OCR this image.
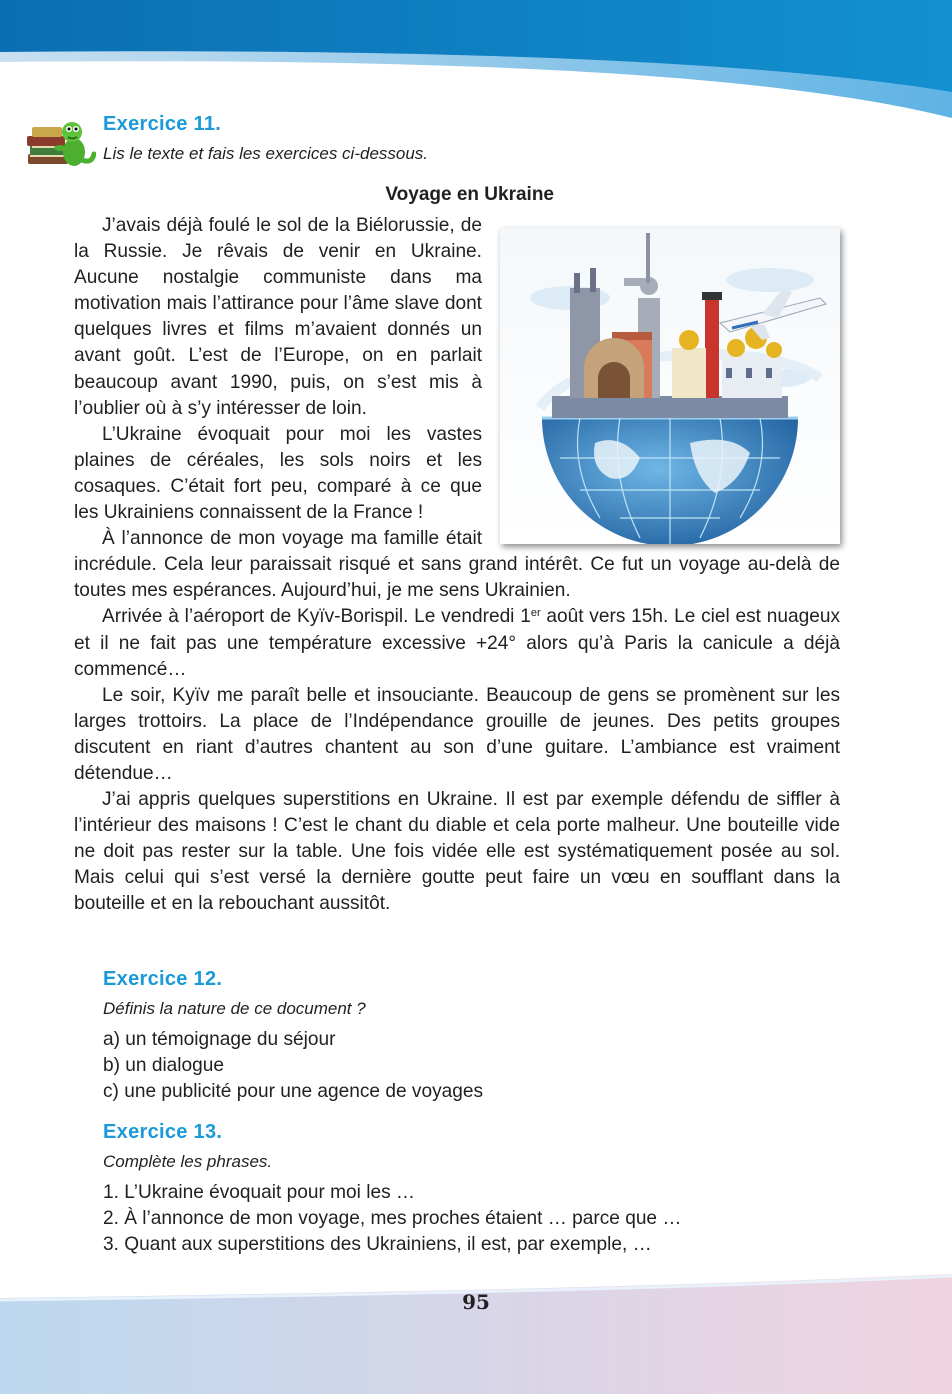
Exercice 11.

Lis le texte et fais les exercices ci-dessous.

Voyage en Ukraine

J’avais déjà foulé le sol de la Biélorussie, de la Russie. Je rêvais de venir en Ukraine. Aucune nostalgie communiste dans ma motivation mais l’attirance pour l’âme slave dont quelques livres et films m’avaient donnés un avant goût. L’est de l’Europe, on en parlait beaucoup avant 1990, puis, on s’est mis à l’oublier où à s’y intéresser de loin.

L’Ukraine évoquait pour moi les vastes plaines de céréales, les sols noirs et les cosaques. C’était fort peu, comparé à ce que les Ukrainiens connaissent de la France !

À l’annonce de mon voyage ma famille était incrédule. Cela leur paraissait risqué et sans grand intérêt. Ce fut un voyage au-delà de toutes mes espérances. Aujourd’hui, je me sens Ukrainien.

Arrivée à l’aéroport de Kyïv-Borispil. Le vendredi 1er août vers 15h. Le ciel est nuageux et il ne fait pas une température excessive +24° alors qu’à Paris la canicule a déjà commencé…

Le soir, Kyïv me paraît belle et insouciante. Beaucoup de gens se promènent sur les larges trottoirs. La place de l’Indépendance grouille de jeunes. Des petits groupes discutent en riant d’autres chantent au son d’une guitare. L’ambiance est vraiment détendue…

J’ai appris quelques superstitions en Ukraine. Il est par exemple défendu de siffler à l’intérieur des maisons ! C’est le chant du diable et cela porte malheur. Une bouteille vide ne doit pas rester sur la table. Une fois vidée elle est systématiquement posée au sol. Mais celui qui s’est versé la dernière goutte peut faire un vœu en soufflant dans la bouteille et en la rebouchant aussitôt.

Exercice 12.

Définis la nature de ce document ?

a) un témoignage du séjour
b) un dialogue
c) une publicité pour une agence de voyages
Exercice 13.

Complète les phrases.

1. L’Ukraine évoquait pour moi les …
2. À l’annonce de mon voyage, mes proches étaient … parce que …
3. Quant aux superstitions des Ukrainiens, il est, par exemple, …
95
